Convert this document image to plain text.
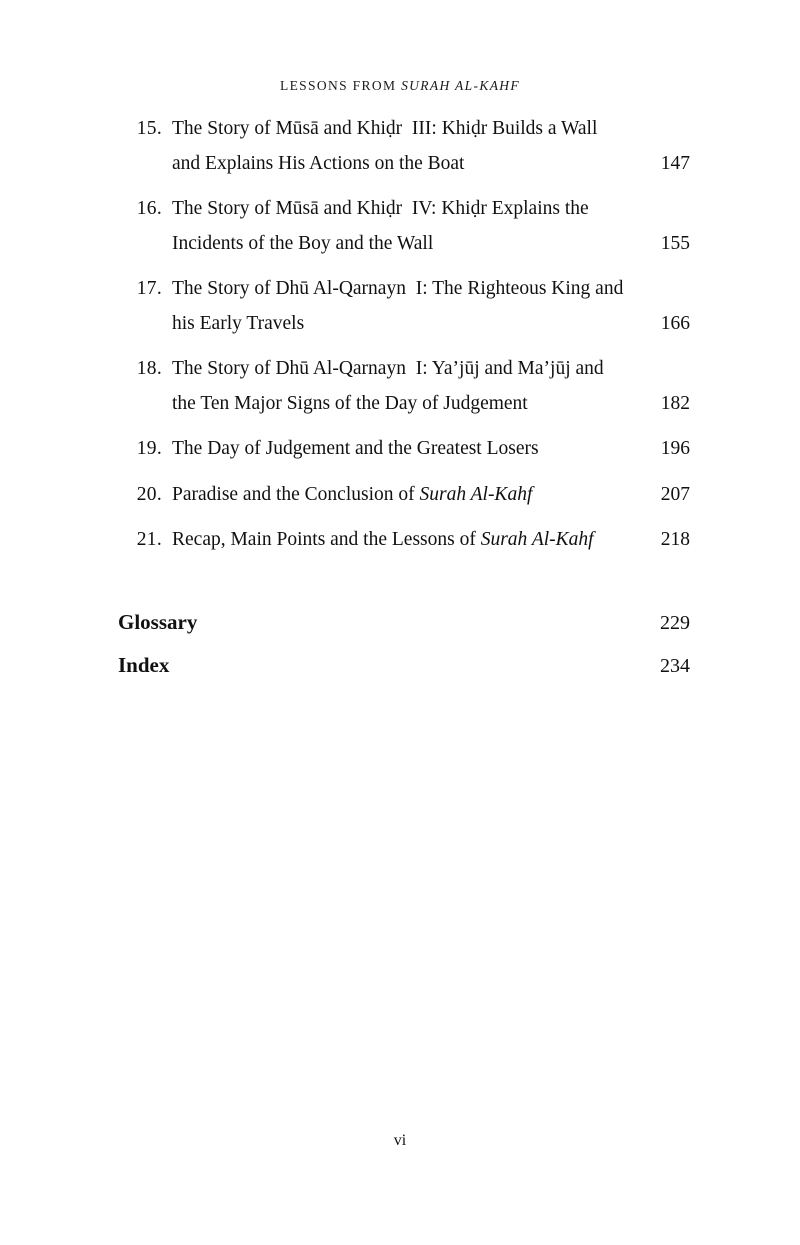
LESSONS FROM SURAH AL-KAHF
15. The Story of Mūsā and Khiḍr  III: Khiḍr Builds a Wall and Explains His Actions on the Boat	147
16. The Story of Mūsā and Khiḍr  IV: Khiḍr Explains the Incidents of the Boy and the Wall	155
17. The Story of Dhū Al-Qarnayn  I: The Righteous King and his Early Travels	166
18. The Story of Dhū Al-Qarnayn  I: Ya’jūj and Ma’jūj and the Ten Major Signs of the Day of Judgement	182
19. The Day of Judgement and the Greatest Losers	196
20. Paradise and the Conclusion of Surah Al-Kahf	207
21. Recap, Main Points and the Lessons of Surah Al-Kahf	218
Glossary	229
Index	234
vi
